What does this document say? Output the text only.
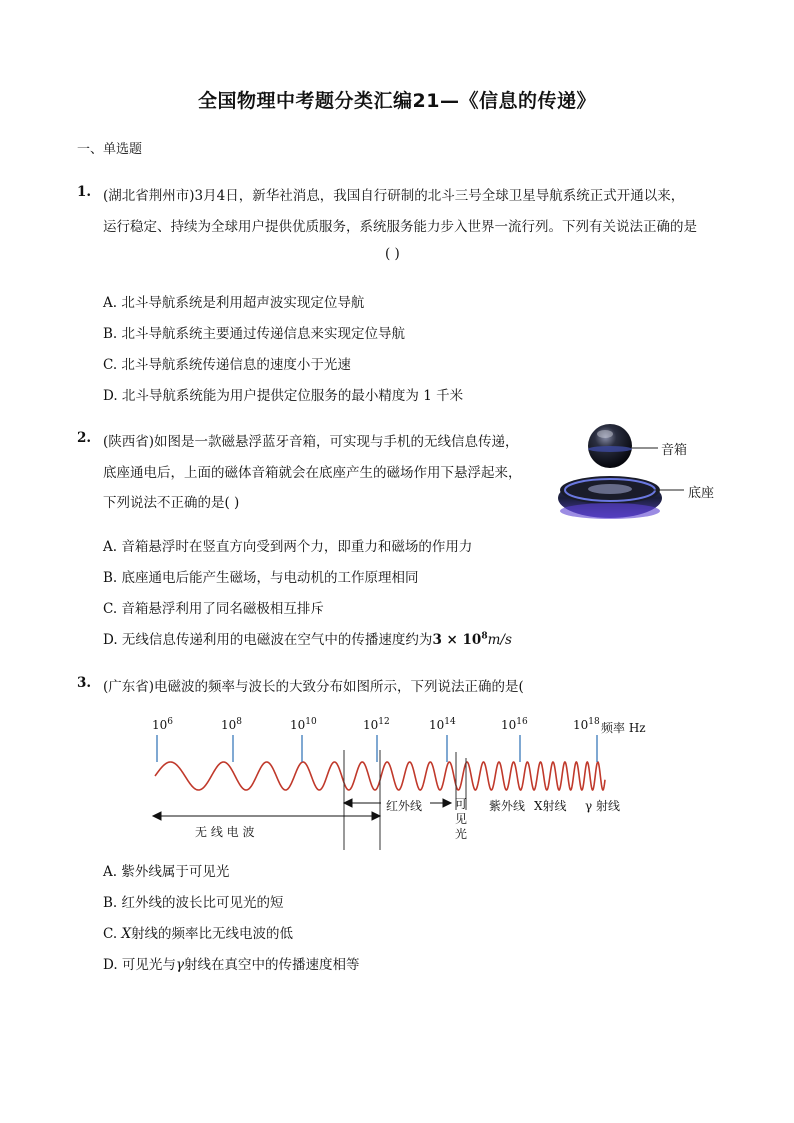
全国物理中考题分类汇编21—《信息的传递》
一、单选题
1. (湖北省荆州市)3月4日，新华社消息，我国自行研制的北斗三号全球卫星导航系统正式开通以来，
运行稳定、持续为全球用户提供优质服务，系统服务能力步入世界一流行列。下列有关说法正确的是
( )
A. 北斗导航系统是利用超声波实现定位导航
B. 北斗导航系统主要通过传递信息来实现定位导航
C. 北斗导航系统传递信息的速度小于光速
D. 北斗导航系统能为用户提供定位服务的最小精度为 1 千米
2. (陕西省)如图是一款磁悬浮蓝牙音箱，可实现与手机的无线信息传递，
底座通电后，上面的磁体音箱就会在底座产生的磁场作用下悬浮起来，
下列说法不正确的是( )
音箱
底座
A. 音箱悬浮时在竖直方向受到两个力，即重力和磁场的作用力
B. 底座通电后能产生磁场，与电动机的工作原理相同
C. 音箱悬浮利用了同名磁极相互排斥
D. 无线信息传递利用的电磁波在空气中的传播速度约为$3 \times 10^8m/s$
3. (广东省)电磁波的频率与波长的大致分布如图所示，下列说法正确的是(
$10^6$	$10^8$	$10^{10}$	$10^{12}$	$10^{14}$	$10^{16}$	$10^{18}$ 频率 Hz
无 线 电 波
红外线	可
见
光
紫外线 X射线 γ 射线
A. 紫外线属于可见光
B. 红外线的波长比可见光的短
C. X射线的频率比无线电波的低
D. 可见光与γ射线在真空中的传播速度相等
